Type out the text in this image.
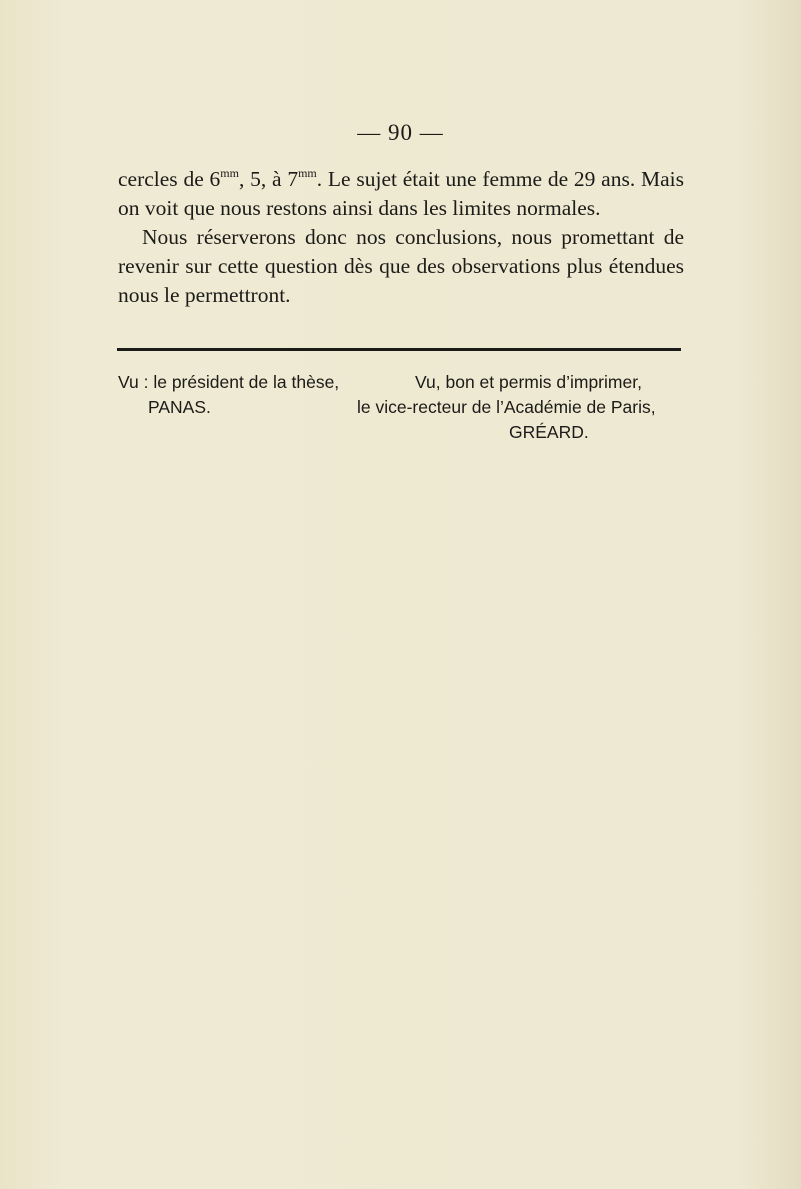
— 90 —

cercles de $6^{mm}$, 5, à $7^{mm}$. Le sujet était une femme de 29 ans. Mais on voit que nous restons ainsi dans les limites normales.

Nous réserverons donc nos conclusions, nous promettant de revenir sur cette question dès que des observations plus étendues nous le permettront.

Vu : le président de la thèse,
PANAS.
Vu, bon et permis d’imprimer,
le vice-recteur de l’Académie de Paris,
GRÉARD.
